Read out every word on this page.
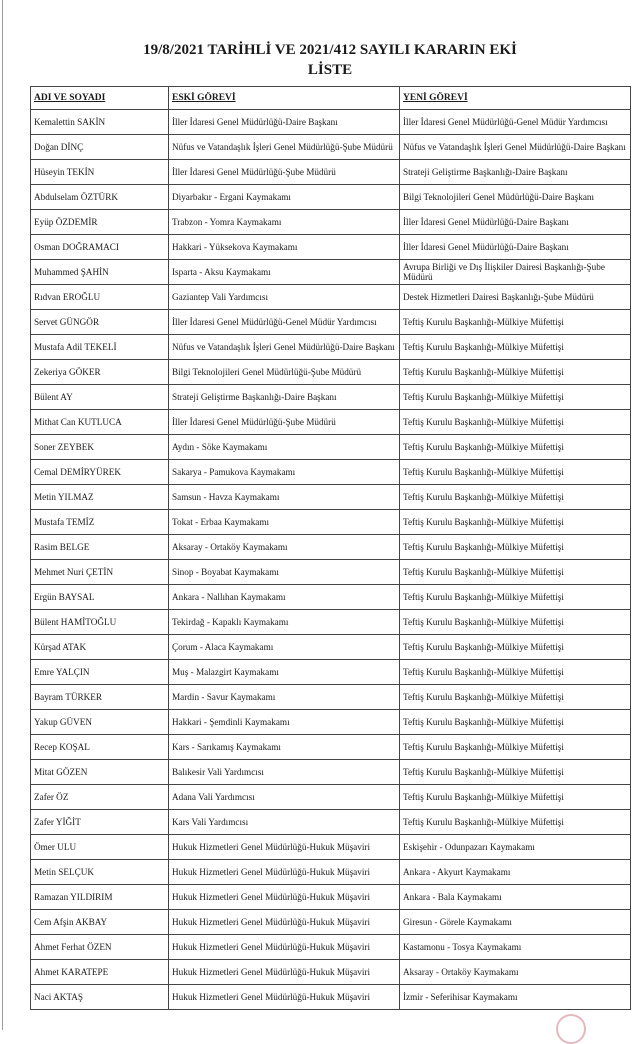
19/8/2021 TARİHLİ VE 2021/412 SAYILI KARARIN EKİ
LİSTE
ADI VE SOYADI	ESKİ GÖREVİ	YENİ GÖREVİ
Kemalettin SAKİN	İller İdaresi Genel Müdürlüğü-Daire Başkanı	İller İdaresi Genel Müdürlüğü-Genel Müdür Yardımcısı
Doğan DİNÇ	Nüfus ve Vatandaşlık İşleri Genel Müdürlüğü-Şube Müdürü	Nüfus ve Vatandaşlık İşleri Genel Müdürlüğü-Daire Başkanı
Hüseyin TEKİN	İller İdaresi Genel Müdürlüğü-Şube Müdürü	Strateji Geliştirme Başkanlığı-Daire Başkanı
Abdulselam ÖZTÜRK	Diyarbakır - Ergani Kaymakamı	Bilgi Teknolojileri Genel Müdürlüğü-Daire Başkanı
Eyüp ÖZDEMİR	Trabzon - Yomra Kaymakamı	İller İdaresi Genel Müdürlüğü-Daire Başkanı
Osman DOĞRAMACI	Hakkari - Yüksekova Kaymakamı	İller İdaresi Genel Müdürlüğü-Daire Başkanı
Muhammed ŞAHİN	Isparta - Aksu Kaymakamı	Avrupa Birliği ve Dış İlişkiler Dairesi Başkanlığı-Şube Müdürü
Rıdvan EROĞLU	Gaziantep Vali Yardımcısı	Destek Hizmetleri Dairesi Başkanlığı-Şube Müdürü
Servet GÜNGÖR	İller İdaresi Genel Müdürlüğü-Genel Müdür Yardımcısı	Teftiş Kurulu Başkanlığı-Mülkiye Müfettişi
Mustafa Adil TEKELİ	Nüfus ve Vatandaşlık İşleri Genel Müdürlüğü-Daire Başkanı	Teftiş Kurulu Başkanlığı-Mülkiye Müfettişi
Zekeriya GÖKER	Bilgi Teknolojileri Genel Müdürlüğü-Şube Müdürü	Teftiş Kurulu Başkanlığı-Mülkiye Müfettişi
Bülent AY	Strateji Geliştirme Başkanlığı-Daire Başkanı	Teftiş Kurulu Başkanlığı-Mülkiye Müfettişi
Mithat Can KUTLUCA	İller İdaresi Genel Müdürlüğü-Şube Müdürü	Teftiş Kurulu Başkanlığı-Mülkiye Müfettişi
Soner ZEYBEK	Aydın - Söke Kaymakamı	Teftiş Kurulu Başkanlığı-Mülkiye Müfettişi
Cemal DEMİRYÜREK	Sakarya - Pamukova Kaymakamı	Teftiş Kurulu Başkanlığı-Mülkiye Müfettişi
Metin YILMAZ	Samsun - Havza Kaymakamı	Teftiş Kurulu Başkanlığı-Mülkiye Müfettişi
Mustafa TEMİZ	Tokat - Erbaa Kaymakamı	Teftiş Kurulu Başkanlığı-Mülkiye Müfettişi
Rasim BELGE	Aksaray - Ortaköy Kaymakamı	Teftiş Kurulu Başkanlığı-Mülkiye Müfettişi
Mehmet Nuri ÇETİN	Sinop - Boyabat Kaymakamı	Teftiş Kurulu Başkanlığı-Mülkiye Müfettişi
Ergün BAYSAL	Ankara - Nallıhan Kaymakamı	Teftiş Kurulu Başkanlığı-Mülkiye Müfettişi
Bülent HAMİTOĞLU	Tekirdağ - Kapaklı Kaymakamı	Teftiş Kurulu Başkanlığı-Mülkiye Müfettişi
Kürşad ATAK	Çorum - Alaca Kaymakamı	Teftiş Kurulu Başkanlığı-Mülkiye Müfettişi
Emre YALÇIN	Muş - Malazgirt Kaymakamı	Teftiş Kurulu Başkanlığı-Mülkiye Müfettişi
Bayram TÜRKER	Mardin - Savur Kaymakamı	Teftiş Kurulu Başkanlığı-Mülkiye Müfettişi
Yakup GÜVEN	Hakkari - Şemdinli Kaymakamı	Teftiş Kurulu Başkanlığı-Mülkiye Müfettişi
Recep KOŞAL	Kars - Sarıkamış Kaymakamı	Teftiş Kurulu Başkanlığı-Mülkiye Müfettişi
Mitat GÖZEN	Balıkesir Vali Yardımcısı	Teftiş Kurulu Başkanlığı-Mülkiye Müfettişi
Zafer ÖZ	Adana Vali Yardımcısı	Teftiş Kurulu Başkanlığı-Mülkiye Müfettişi
Zafer YİĞİT	Kars Vali Yardımcısı	Teftiş Kurulu Başkanlığı-Mülkiye Müfettişi
Ömer ULU	Hukuk Hizmetleri Genel Müdürlüğü-Hukuk Müşaviri	Eskişehir - Odunpazarı Kaymakamı
Metin SELÇUK	Hukuk Hizmetleri Genel Müdürlüğü-Hukuk Müşaviri	Ankara - Akyurt Kaymakamı
Ramazan YILDIRIM	Hukuk Hizmetleri Genel Müdürlüğü-Hukuk Müşaviri	Ankara - Bala Kaymakamı
Cem Afşin AKBAY	Hukuk Hizmetleri Genel Müdürlüğü-Hukuk Müşaviri	Giresun - Görele Kaymakamı
Ahmet Ferhat ÖZEN	Hukuk Hizmetleri Genel Müdürlüğü-Hukuk Müşaviri	Kastamonu - Tosya Kaymakamı
Ahmet KARATEPE	Hukuk Hizmetleri Genel Müdürlüğü-Hukuk Müşaviri	Aksaray - Ortaköy Kaymakamı
Naci AKTAŞ	Hukuk Hizmetleri Genel Müdürlüğü-Hukuk Müşaviri	İzmir - Seferihisar Kaymakamı
